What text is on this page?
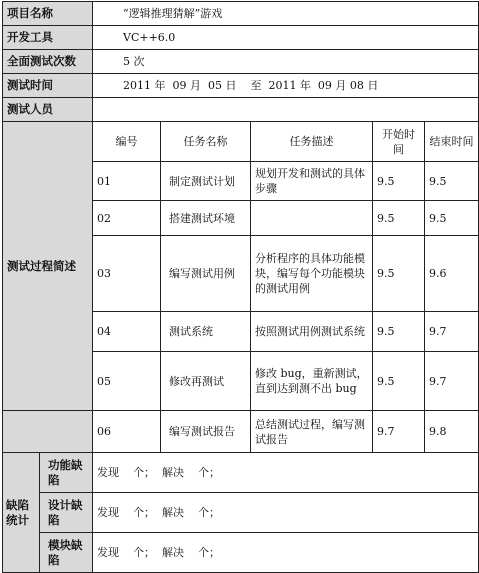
项目名称		“逻辑推理猜解”游戏				
开发工具		VC++6.0				
全面测试次数		5 次				
测试时间		2011 年  09 月  05 日    至  2011 年  09 月 08 日				
测试人员						
测试过程简述		编号	任务名称	任务描述	开始时间	结束时间
		01	制定测试计划	规划开发和测试的具体步骤	9.5	9.5
		02	搭建测试环境		9.5	9.5
		03	编写测试用例	分析程序的具体功能模块，编写每个功能模块的测试用例	9.5	9.6
		04	测试系统	按照测试用例测试系统	9.5	9.7
		05	修改再测试	修改 bug，重新测试，直到达到测不出 bug	9.5	9.7
		06	编写测试报告	总结测试过程，编写测试报告	9.7	9.8
缺陷统计	功能缺陷	发现    个；  解决    个；				
	设计缺陷	发现    个；  解决    个；				
	模块缺陷	发现    个；  解决    个；				
